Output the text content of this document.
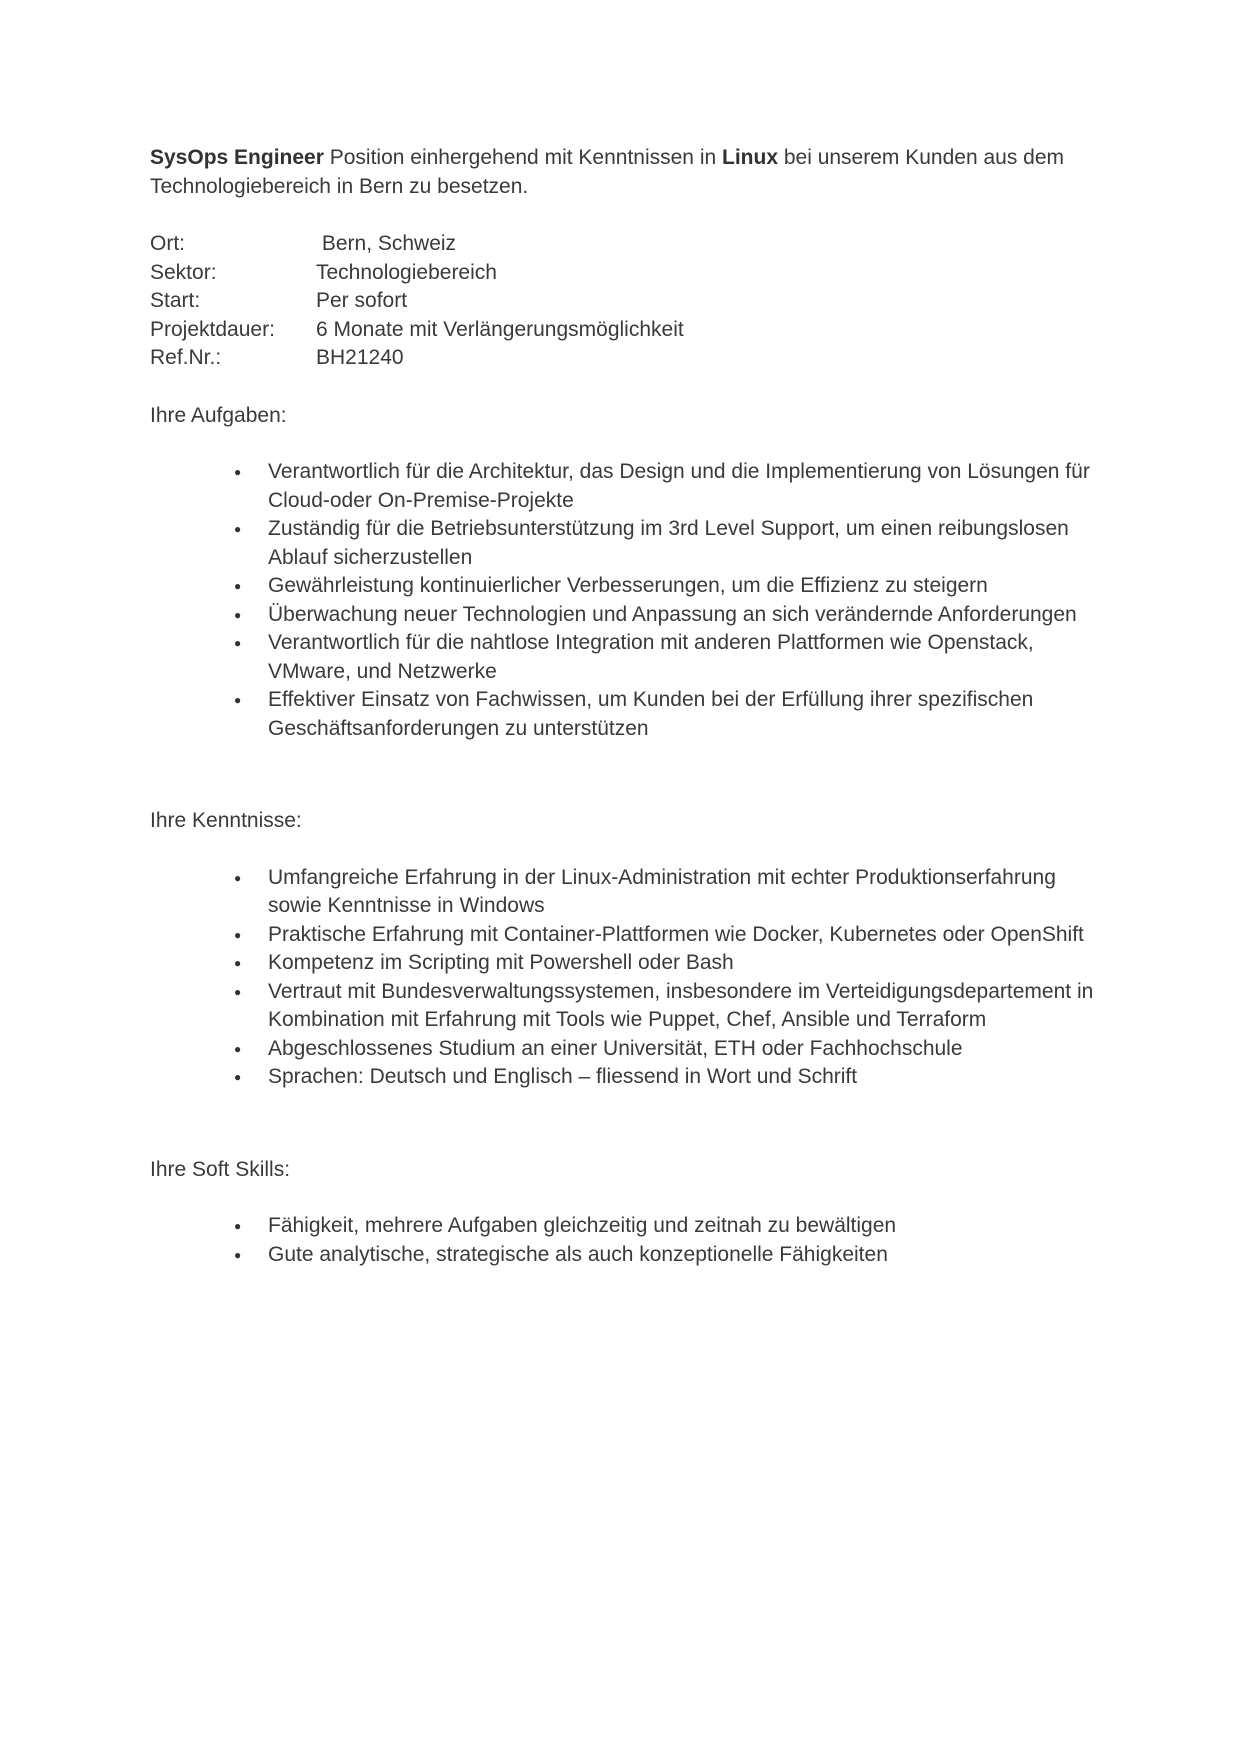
SysOps Engineer Position einhergehend mit Kenntnissen in Linux bei unserem Kunden aus dem Technologiebereich in Bern zu besetzen.

Ort:	Bern, Schweiz
Sektor:	Technologiebereich
Start:	Per sofort
Projektdauer: 6 Monate mit Verlängerungsmöglichkeit
Ref.Nr.:	BH21240
Ihre Aufgaben:
● Verantwortlich für die Architektur, das Design und die Implementierung von Lösungen für Cloud-oder On-Premise-Projekte
● Zuständig für die Betriebsunterstützung im 3rd Level Support, um einen reibungslosen Ablauf sicherzustellen
● Gewährleistung kontinuierlicher Verbesserungen, um die Effizienz zu steigern
● Überwachung neuer Technologien und Anpassung an sich verändernde Anforderungen
● Verantwortlich für die nahtlose Integration mit anderen Plattformen wie Openstack, VMware, und Netzwerke
● Effektiver Einsatz von Fachwissen, um Kunden bei der Erfüllung ihrer spezifischen Geschäftsanforderungen zu unterstützen
Ihre Kenntnisse:
● Umfangreiche Erfahrung in der Linux-Administration mit echter Produktionserfahrung sowie Kenntnisse in Windows
● Praktische Erfahrung mit Container-Plattformen wie Docker, Kubernetes oder OpenShift
● Kompetenz im Scripting mit Powershell oder Bash
● Vertraut mit Bundesverwaltungssystemen, insbesondere im Verteidigungsdepartement in Kombination mit Erfahrung mit Tools wie Puppet, Chef, Ansible und Terraform
● Abgeschlossenes Studium an einer Universität, ETH oder Fachhochschule
● Sprachen: Deutsch und Englisch – fliessend in Wort und Schrift
Ihre Soft Skills:
● Fähigkeit, mehrere Aufgaben gleichzeitig und zeitnah zu bewältigen
● Gute analytische, strategische als auch konzeptionelle Fähigkeiten
